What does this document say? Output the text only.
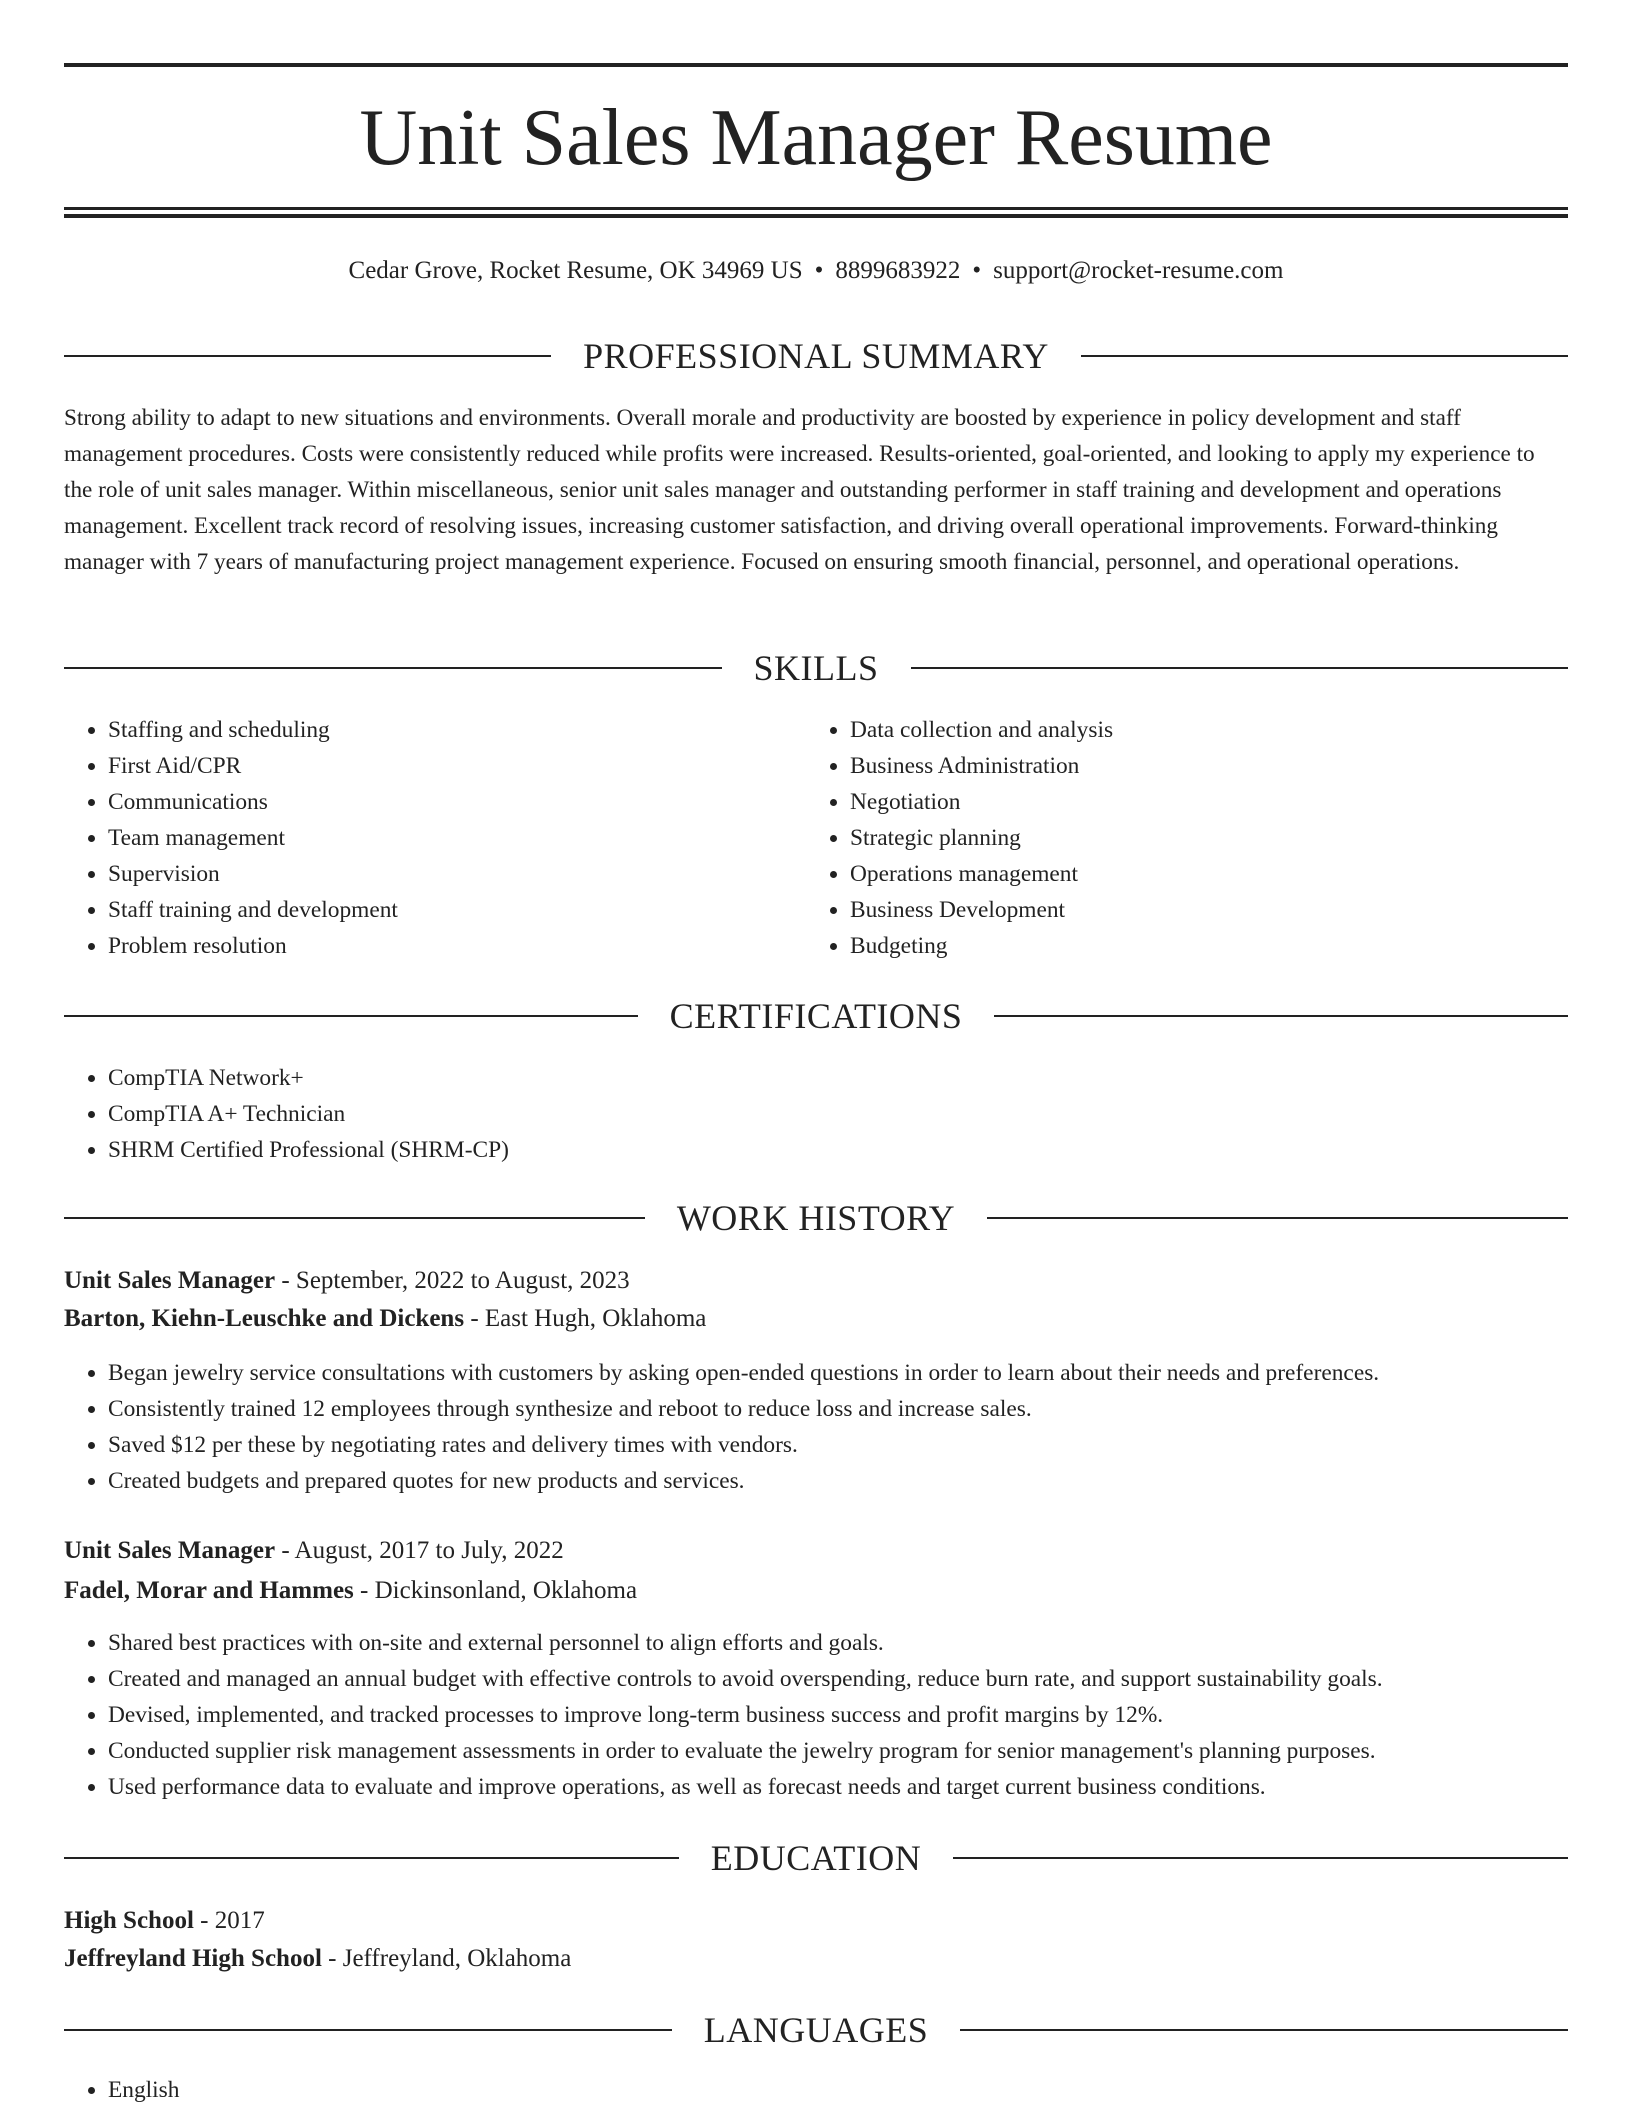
Unit Sales Manager Resume
Cedar Grove, Rocket Resume, OK 34969 US • 8899683922 • support@rocket-resume.com
PROFESSIONAL SUMMARY

Strong ability to adapt to new situations and environments. Overall morale and productivity are boosted by experience in policy development and staff management procedures. Costs were consistently reduced while profits were increased. Results-oriented, goal-oriented, and looking to apply my experience to the role of unit sales manager. Within miscellaneous, senior unit sales manager and outstanding performer in staff training and development and operations management. Excellent track record of resolving issues, increasing customer satisfaction, and driving overall operational improvements. Forward-thinking manager with 7 years of manufacturing project management experience. Focused on ensuring smooth financial, personnel, and operational operations.

SKILLS
• Staffing and scheduling
• First Aid/CPR
• Communications
• Team management
• Supervision
• Staff training and development
• Problem resolution
• Data collection and analysis
• Business Administration
• Negotiation
• Strategic planning
• Operations management
• Business Development
• Budgeting
CERTIFICATIONS
• CompTIA Network+
• CompTIA A+ Technician
• SHRM Certified Professional (SHRM-CP)
WORK HISTORY
Unit Sales Manager - September, 2022 to August, 2023
Barton, Kiehn-Leuschke and Dickens - East Hugh, Oklahoma
• Began jewelry service consultations with customers by asking open-ended questions in order to learn about their needs and preferences.
• Consistently trained 12 employees through synthesize and reboot to reduce loss and increase sales.
• Saved $12 per these by negotiating rates and delivery times with vendors.
• Created budgets and prepared quotes for new products and services.
Unit Sales Manager - August, 2017 to July, 2022
Fadel, Morar and Hammes - Dickinsonland, Oklahoma
• Shared best practices with on-site and external personnel to align efforts and goals.
• Created and managed an annual budget with effective controls to avoid overspending, reduce burn rate, and support sustainability goals.
• Devised, implemented, and tracked processes to improve long-term business success and profit margins by 12%.
• Conducted supplier risk management assessments in order to evaluate the jewelry program for senior management's planning purposes.
• Used performance data to evaluate and improve operations, as well as forecast needs and target current business conditions.
EDUCATION
High School - 2017
Jeffreyland High School - Jeffreyland, Oklahoma
LANGUAGES
• English
